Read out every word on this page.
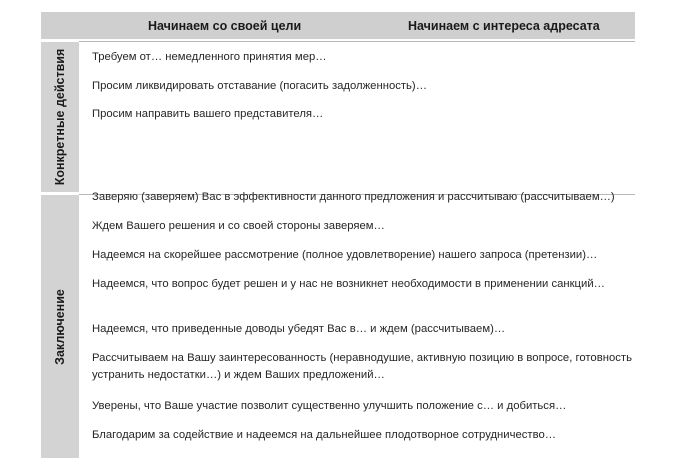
Начинаем со своей цели	Начинаем с интереса адресата
Конкретные действия Требуем от… немедленного принятия мер…
Просим ликвидировать отставание (погасить задолженность)…
Просим направить вашего представителя…
Заключение
Заверяю (заверяем) Вас в эффективности данного предложения и рассчитываю (рассчитываем…)
Ждем Вашего решения и со своей стороны заверяем…
Надеемся на скорейшее рассмотрение (полное удовлетворение) нашего запроса (претензии)…
Надеемся, что вопрос будет решен и у нас не возникнет необходимости в применении санкций…
Надеемся, что приведенные доводы убедят Вас в… и ждем (рассчитываем)…
Рассчитываем на Вашу заинтересованность (неравнодушие, активную позицию в вопросе, готовность устранить недостатки…) и ждем Ваших предложений…
Уверены, что Ваше участие позволит существенно улучшить положение с… и добиться…
Благодарим за содействие и надеемся на дальнейшее плодотворное сотрудничество…
